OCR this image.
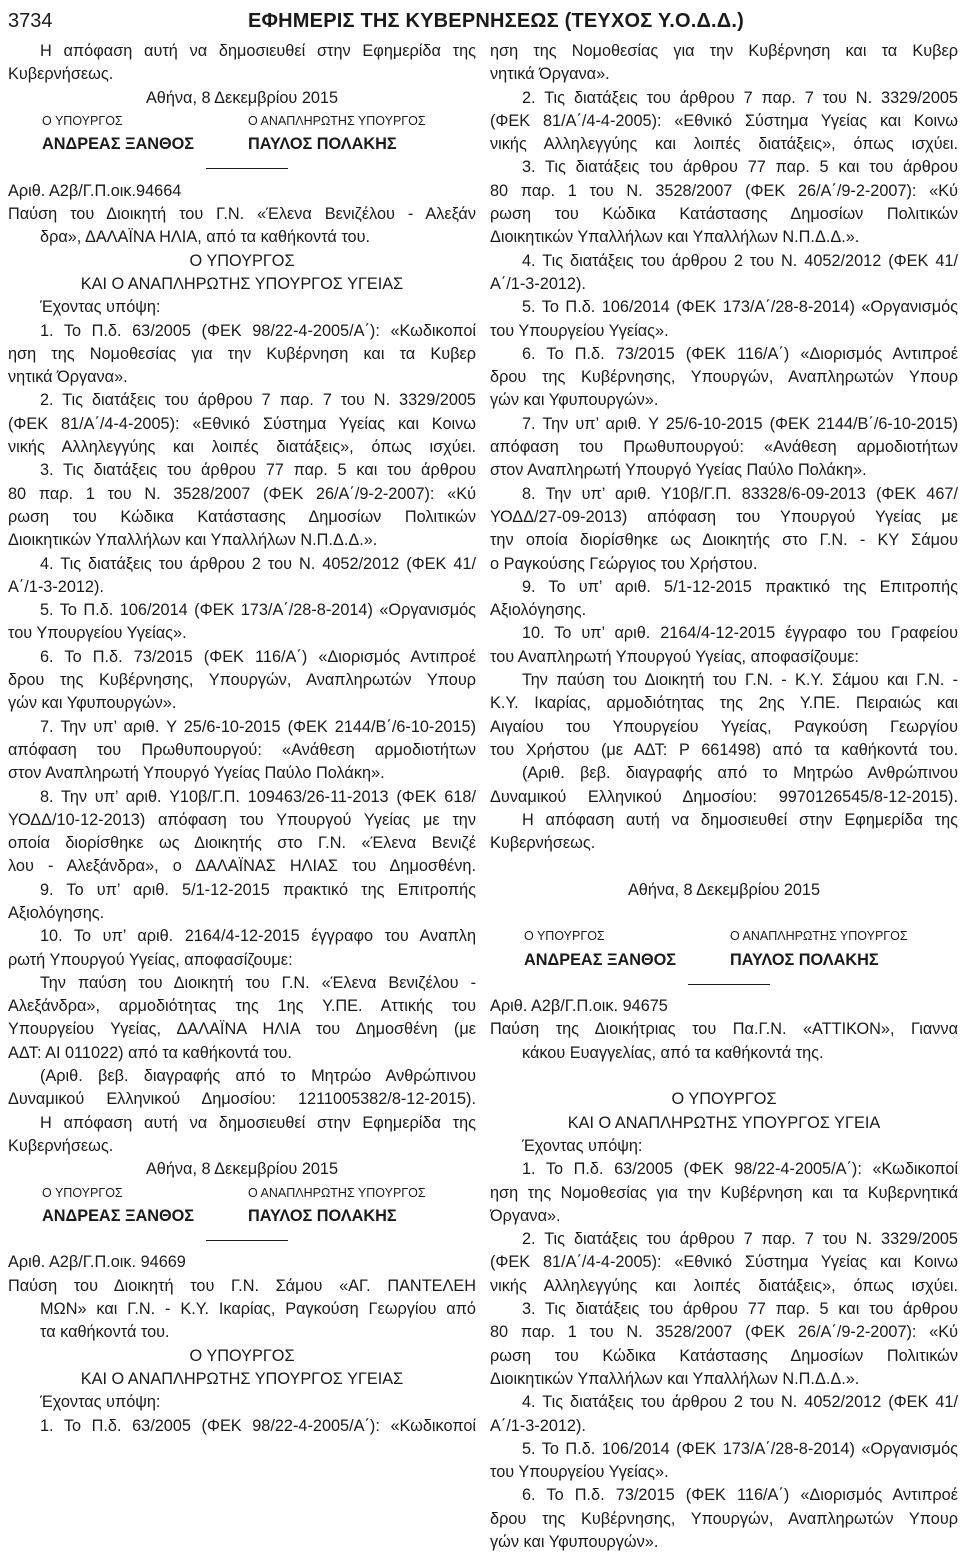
3734	ΕΦΗΜΕΡΙΣ ΤΗΣ ΚΥΒΕΡΝΗΣΕΩΣ (ΤΕΥΧΟΣ Υ.Ο.Δ.Δ.)
Η απόφαση αυτή να δημοσιευθεί στην Εφημερίδα της
Κυβερνήσεως.
Αθήνα, 8 Δεκεμβρίου 2015
Ο ΥΠΟΥΡΓΟΣ	Ο ΑΝΑΠΛΗΡΩΤΗΣ ΥΠΟΥΡΓΟΣ
ΑΝΔΡΕΑΣ ΞΑΝΘΟΣ	ΠΑΥΛΟΣ ΠΟΛΑΚΗΣ
Αριθ. Α2β/Γ.Π.οικ.94664
Παύση του Διοικητή του Γ.Ν. «Έλενα Βενιζέλου - Αλεξάν
δρα», ΔΑΛΑΪΝΑ ΗΛΙΑ, από τα καθήκοντά του.
Ο ΥΠΟΥΡΓΟΣ
ΚΑΙ Ο ΑΝΑΠΛΗΡΩΤΗΣ ΥΠΟΥΡΓΟΣ ΥΓΕΙΑΣ
Έχοντας υπόψη:
1. Το Π.δ. 63/2005 (ΦΕΚ 98/22-4-2005/Α΄): «Κωδικοποί
ηση της Νομοθεσίας για την Κυβέρνηση και τα Κυβερ
νητικά Όργανα».
2. Τις διατάξεις του άρθρου 7 παρ. 7 του Ν. 3329/2005
(ΦΕΚ 81/Α΄/4-4-2005): «Εθνικό Σύστημα Υγείας και Κοινω
νικής Αλληλεγγύης και λοιπές διατάξεις», όπως ισχύει.
3. Τις διατάξεις του άρθρου 77 παρ. 5 και του άρθρου
80 παρ. 1 του Ν. 3528/2007 (ΦΕΚ 26/Α΄/9-2-2007): «Κύ
ρωση του Κώδικα Κατάστασης Δημοσίων Πολιτικών
Διοικητικών Υπαλλήλων και Υπαλλήλων Ν.Π.Δ.Δ.».
4. Τις διατάξεις του άρθρου 2 του Ν. 4052/2012 (ΦΕΚ 41/
Α΄/1-3-2012).
5. Το Π.δ. 106/2014 (ΦΕΚ 173/Α΄/28-8-2014) «Οργανισμός
του Υπουργείου Υγείας».
6. Το Π.δ. 73/2015 (ΦΕΚ 116/Α΄) «Διορισμός Αντιπροέ
δρου της Κυβέρνησης, Υπουργών, Αναπληρωτών Υπουρ
γών και Υφυπουργών».
7. Την υπ’ αριθ. Υ 25/6-10-2015 (ΦΕΚ 2144/Β΄/6-10-2015)
απόφαση του Πρωθυπουργού: «Ανάθεση αρμοδιοτήτων
στον Αναπληρωτή Υπουργό Υγείας Παύλο Πολάκη».
8. Την υπ’ αριθ. Υ10β/Γ.Π. 109463/26-11-2013 (ΦΕΚ 618/
ΥΟΔΔ/10-12-2013) απόφαση του Υπουργού Υγείας με την
οποία διορίσθηκε ως Διοικητής στο Γ.Ν. «Έλενα Βενιζέ
λου - Αλεξάνδρα», ο ΔΑΛΑΪΝΑΣ ΗΛΙΑΣ του Δημοσθένη.
9. Το υπ’ αριθ. 5/1-12-2015 πρακτικό της Επιτροπής
Αξιολόγησης.
10. Το υπ’ αριθ. 2164/4-12-2015 έγγραφο του Αναπλη
ρωτή Υπουργού Υγείας, αποφασίζουμε:
Την παύση του Διοικητή του Γ.Ν. «Έλενα Βενιζέλου -
Αλεξάνδρα», αρμοδιότητας της 1ης Υ.ΠΕ. Αττικής του
Υπουργείου Υγείας, ΔΑΛΑΪΝΑ ΗΛΙΑ του Δημοσθένη (με
ΑΔΤ: ΑΙ 011022) από τα καθήκοντά του.
(Αριθ. βεβ. διαγραφής από το Μητρώο Ανθρώπινου
Δυναμικού Ελληνικού Δημοσίου: 1211005382/8-12-2015).
Η απόφαση αυτή να δημοσιευθεί στην Εφημερίδα της
Κυβερνήσεως.
Αθήνα, 8 Δεκεμβρίου 2015
Ο ΥΠΟΥΡΓΟΣ	Ο ΑΝΑΠΛΗΡΩΤΗΣ ΥΠΟΥΡΓΟΣ
ΑΝΔΡΕΑΣ ΞΑΝΘΟΣ	ΠΑΥΛΟΣ ΠΟΛΑΚΗΣ
Αριθ. Α2β/Γ.Π.οικ. 94669
Παύση του Διοικητή του Γ.Ν. Σάμου «ΑΓ. ΠΑΝΤΕΛΕΗ
ΜΩΝ» και Γ.Ν. - Κ.Υ. Ικαρίας, Ραγκούση Γεωργίου από
τα καθήκοντά του.
Ο ΥΠΟΥΡΓΟΣ
ΚΑΙ Ο ΑΝΑΠΛΗΡΩΤΗΣ ΥΠΟΥΡΓΟΣ ΥΓΕΙΑΣ
Έχοντας υπόψη:
1. Το Π.δ. 63/2005 (ΦΕΚ 98/22-4-2005/Α΄): «Κωδικοποί
ηση της Νομοθεσίας για την Κυβέρνηση και τα Κυβερ
νητικά Όργανα».
2. Τις διατάξεις του άρθρου 7 παρ. 7 του Ν. 3329/2005
(ΦΕΚ 81/Α΄/4-4-2005): «Εθνικό Σύστημα Υγείας και Κοινω
νικής Αλληλεγγύης και λοιπές διατάξεις», όπως ισχύει.
3. Τις διατάξεις του άρθρου 77 παρ. 5 και του άρθρου
80 παρ. 1 του Ν. 3528/2007 (ΦΕΚ 26/Α΄/9-2-2007): «Κύ
ρωση του Κώδικα Κατάστασης Δημοσίων Πολιτικών
Διοικητικών Υπαλλήλων και Υπαλλήλων Ν.Π.Δ.Δ.».
4. Τις διατάξεις του άρθρου 2 του Ν. 4052/2012 (ΦΕΚ 41/
Α΄/1-3-2012).
5. Το Π.δ. 106/2014 (ΦΕΚ 173/Α΄/28-8-2014) «Οργανισμός
του Υπουργείου Υγείας».
6. Το Π.δ. 73/2015 (ΦΕΚ 116/Α΄) «Διορισμός Αντιπροέ
δρου της Κυβέρνησης, Υπουργών, Αναπληρωτών Υπουρ
γών και Υφυπουργών».
7. Την υπ’ αριθ. Υ 25/6-10-2015 (ΦΕΚ 2144/Β΄/6-10-2015)
απόφαση του Πρωθυπουργού: «Ανάθεση αρμοδιοτήτων
στον Αναπληρωτή Υπουργό Υγείας Παύλο Πολάκη».
8. Την υπ’ αριθ. Υ10β/Γ.Π. 83328/6-09-2013 (ΦΕΚ 467/
ΥΟΔΔ/27-09-2013) απόφαση του Υπουργού Υγείας με
την οποία διορίσθηκε ως Διοικητής στο Γ.Ν. - ΚΥ Σάμου
ο Ραγκούσης Γεώργιος του Χρήστου.
9. Το υπ’ αριθ. 5/1-12-2015 πρακτικό της Επιτροπής
Αξιολόγησης.
10. Το υπ’ αριθ. 2164/4-12-2015 έγγραφο του Γραφείου
του Αναπληρωτή Υπουργού Υγείας, αποφασίζουμε:
Την παύση του Διοικητή του Γ.Ν. - Κ.Υ. Σάμου και Γ.Ν. -
Κ.Υ. Ικαρίας, αρμοδιότητας της 2ης Υ.ΠΕ. Πειραιώς και
Αιγαίου του Υπουργείου Υγείας, Ραγκούση Γεωργίου
του Χρήστου (με ΑΔΤ: Ρ 661498) από τα καθήκοντά του.
(Αριθ. βεβ. διαγραφής από το Μητρώο Ανθρώπινου
Δυναμικού Ελληνικού Δημοσίου: 9970126545/8-12-2015).
Η απόφαση αυτή να δημοσιευθεί στην Εφημερίδα της
Κυβερνήσεως.
Αθήνα, 8 Δεκεμβρίου 2015
Ο ΥΠΟΥΡΓΟΣ	Ο ΑΝΑΠΛΗΡΩΤΗΣ ΥΠΟΥΡΓΟΣ
ΑΝΔΡΕΑΣ ΞΑΝΘΟΣ	ΠΑΥΛΟΣ ΠΟΛΑΚΗΣ
Αριθ. Α2β/Γ.Π.οικ. 94675
Παύση της Διοικήτριας του Πα.Γ.Ν. «ΑΤΤΙΚΟΝ», Γιαννα
κάκου Ευαγγελίας, από τα καθήκοντά της.
Ο ΥΠΟΥΡΓΟΣ
ΚΑΙ Ο ΑΝΑΠΛΗΡΩΤΗΣ ΥΠΟΥΡΓΟΣ ΥΓΕΙΑ
Έχοντας υπόψη:
1. Το Π.δ. 63/2005 (ΦΕΚ 98/22-4-2005/Α΄): «Κωδικοποί
ηση της Νομοθεσίας για την Κυβέρνηση και τα Κυβερνητικά
Όργανα».
2. Τις διατάξεις του άρθρου 7 παρ. 7 του Ν. 3329/2005
(ΦΕΚ 81/Α΄/4-4-2005): «Εθνικό Σύστημα Υγείας και Κοινω
νικής Αλληλεγγύης και λοιπές διατάξεις», όπως ισχύει.
3. Τις διατάξεις του άρθρου 77 παρ. 5 και του άρθρου
80 παρ. 1 του Ν. 3528/2007 (ΦΕΚ 26/Α΄/9-2-2007): «Κύ
ρωση του Κώδικα Κατάστασης Δημοσίων Πολιτικών
Διοικητικών Υπαλλήλων και Υπαλλήλων Ν.Π.Δ.Δ.».
4. Τις διατάξεις του άρθρου 2 του Ν. 4052/2012 (ΦΕΚ 41/
Α΄/1-3-2012).
5. Το Π.δ. 106/2014 (ΦΕΚ 173/Α΄/28-8-2014) «Οργανισμός
του Υπουργείου Υγείας».
6. Το Π.δ. 73/2015 (ΦΕΚ 116/Α΄) «Διορισμός Αντιπροέ
δρου της Κυβέρνησης, Υπουργών, Αναπληρωτών Υπουρ
γών και Υφυπουργών».
